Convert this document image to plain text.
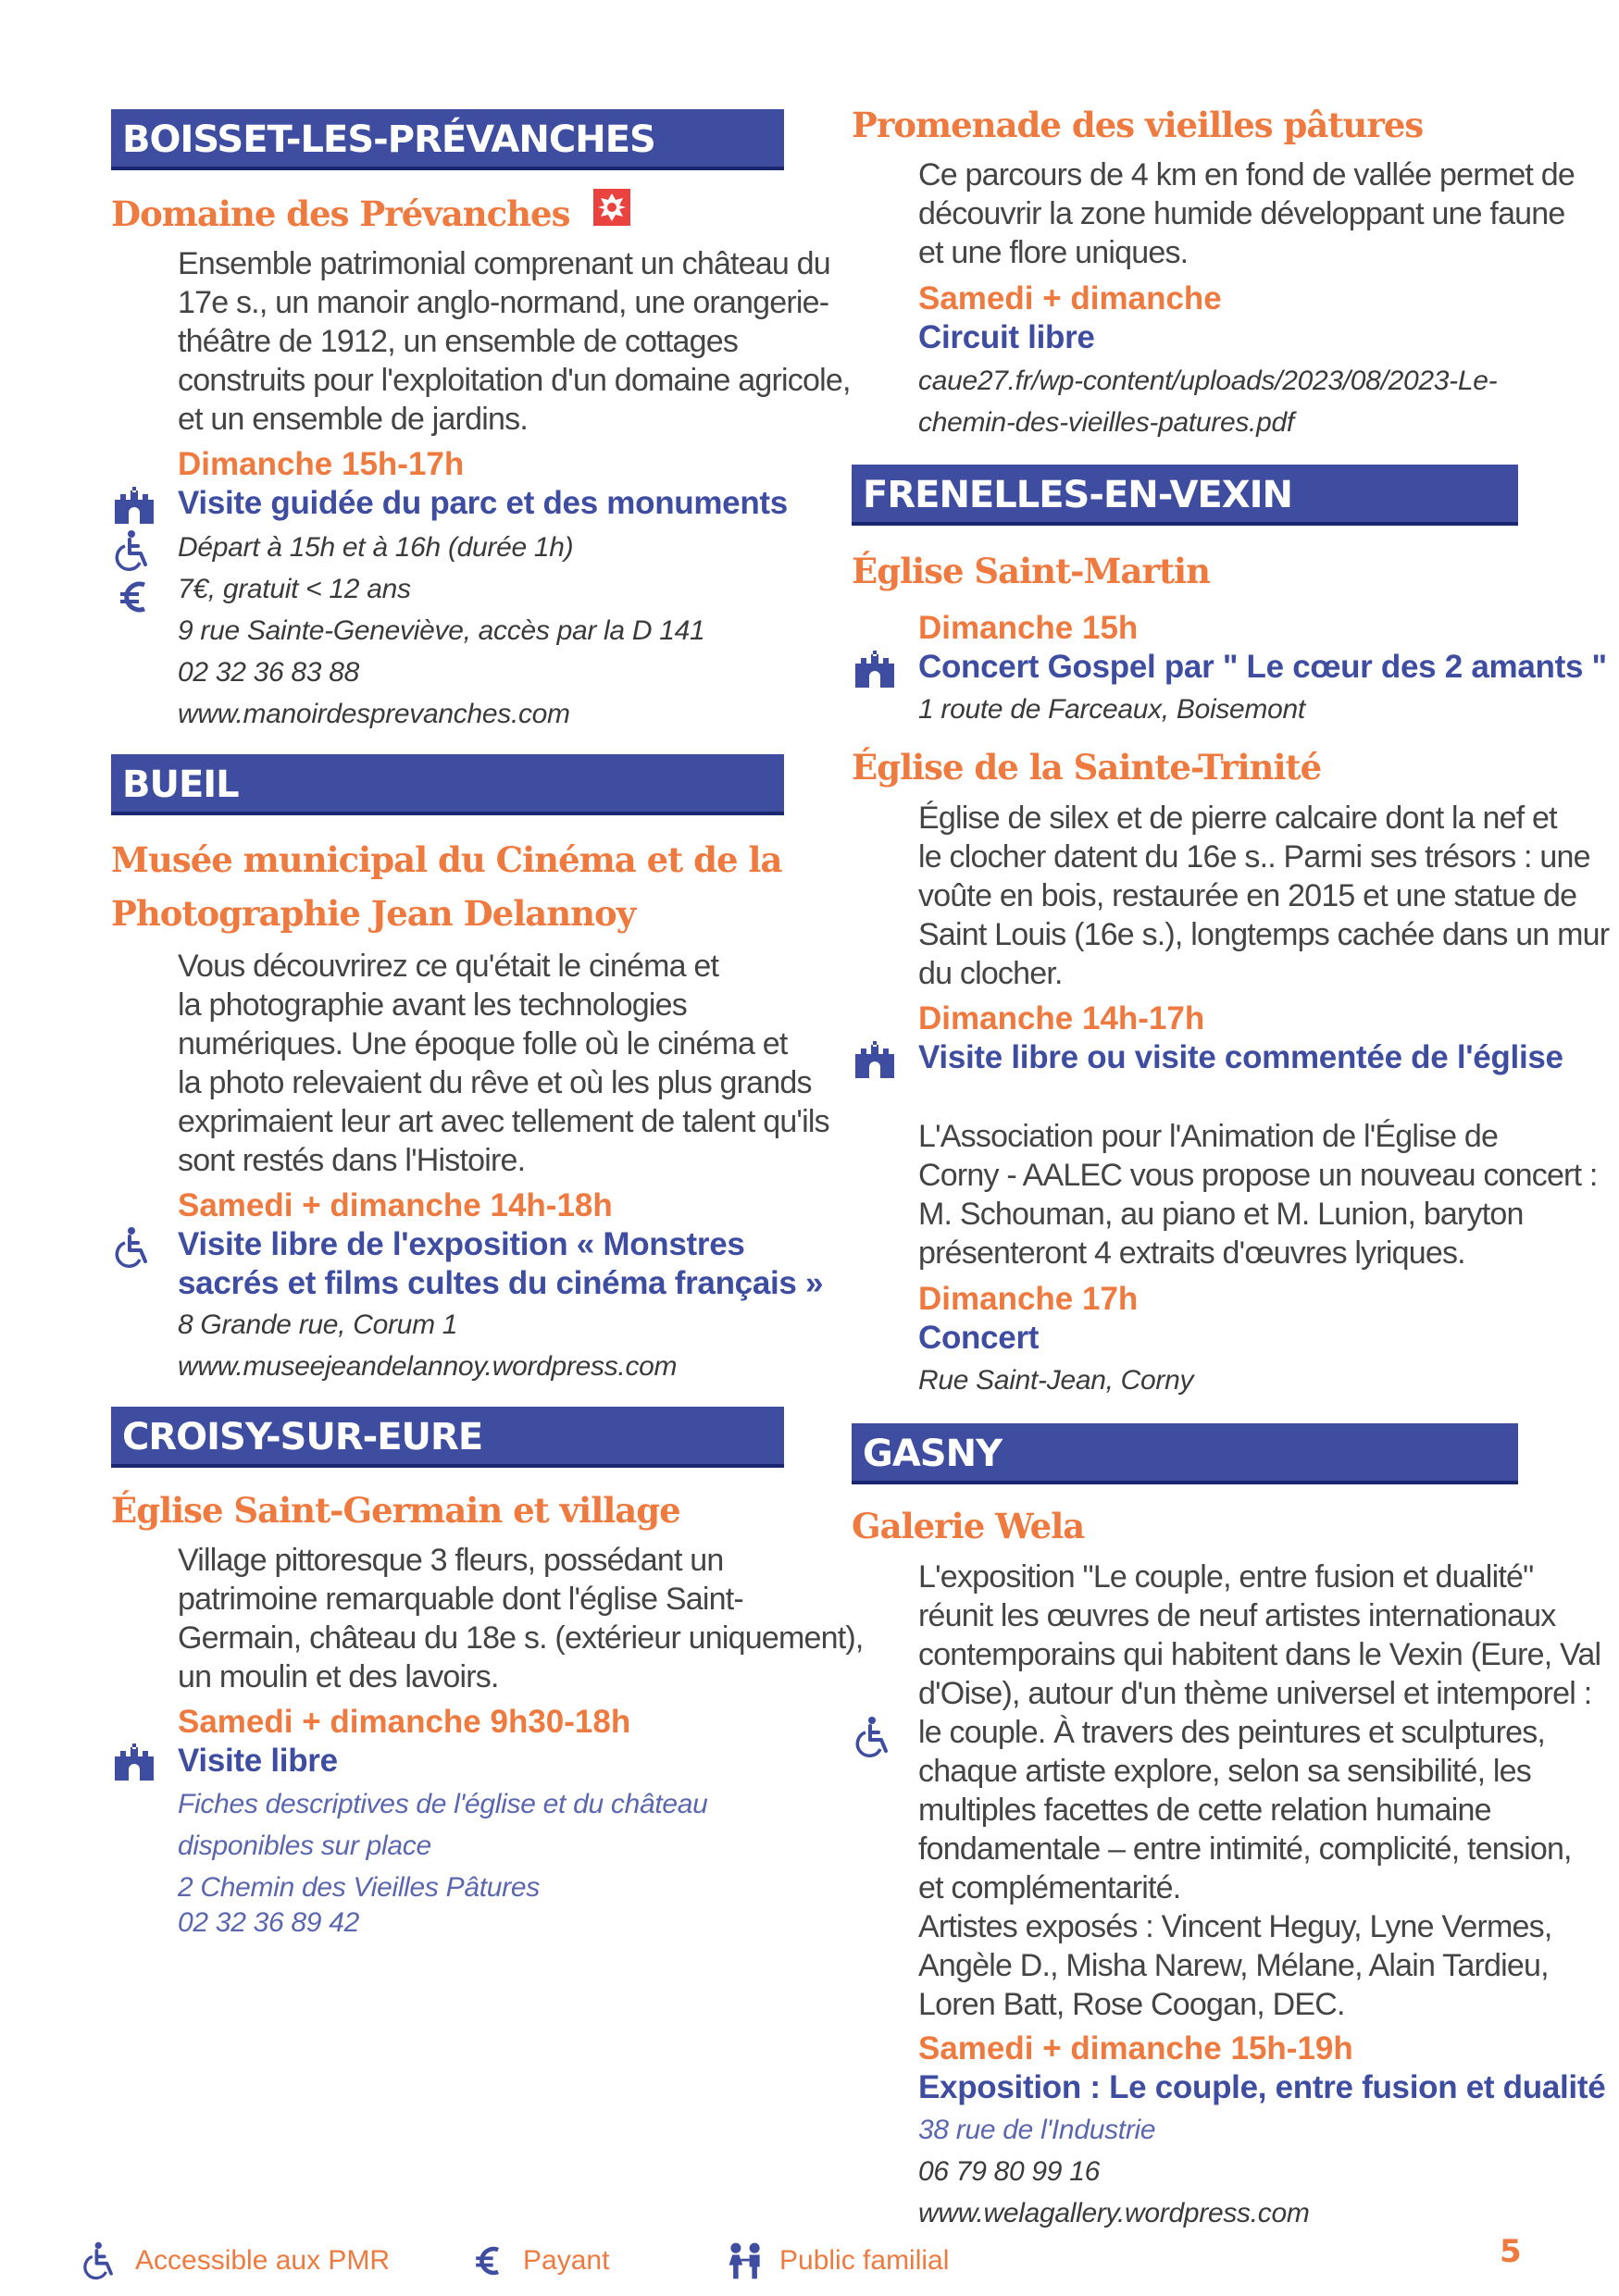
BOISSET-LES-PRÉVANCHES
Domaine des Prévanches
Ensemble patrimonial comprenant un château du
17e s., un manoir anglo-normand, une orangerie-
théâtre de 1912, un ensemble de cottages
construits pour l'exploitation d'un domaine agricole,
et un ensemble de jardins.
Dimanche 15h-17h
Visite guidée du parc et des monuments
Départ à 15h et à 16h (durée 1h)
7€, gratuit < 12 ans
9 rue Sainte-Geneviève, accès par la D 141
02 32 36 83 88
www.manoirdesprevanches.com
BUEIL
Musée municipal du Cinéma et de la
Photographie Jean Delannoy
Vous découvrirez ce qu'était le cinéma et
la photographie avant les technologies
numériques. Une époque folle où le cinéma et
la photo relevaient du rêve et où les plus grands
exprimaient leur art avec tellement de talent qu'ils
sont restés dans l'Histoire.
Samedi + dimanche 14h-18h
Visite libre de l'exposition « Monstres
sacrés et films cultes du cinéma français »
8 Grande rue, Corum 1
www.museejeandelannoy.wordpress.com
CROISY-SUR-EURE
Église Saint-Germain et village
Village pittoresque 3 fleurs, possédant un
patrimoine remarquable dont l'église Saint-
Germain, château du 18e s. (extérieur uniquement),
un moulin et des lavoirs.
Samedi + dimanche 9h30-18h
Visite libre
Fiches descriptives de l'église et du château
disponibles sur place
2 Chemin des Vieilles Pâtures
02 32 36 89 42
Promenade des vieilles pâtures
Ce parcours de 4 km en fond de vallée permet de
découvrir la zone humide développant une faune
et une flore uniques.
Samedi + dimanche
Circuit libre
caue27.fr/wp-content/uploads/2023/08/2023-Le-
chemin-des-vieilles-patures.pdf
FRENELLES-EN-VEXIN
Église Saint-Martin
Dimanche 15h
Concert Gospel par " Le cœur des 2 amants "
1 route de Farceaux, Boisemont
Église de la Sainte-Trinité
Église de silex et de pierre calcaire dont la nef et
le clocher datent du 16e s.. Parmi ses trésors : une
voûte en bois, restaurée en 2015 et une statue de
Saint Louis (16e s.), longtemps cachée dans un mur
du clocher.
Dimanche 14h-17h
Visite libre ou visite commentée de l'église
L'Association pour l'Animation de l'Église de
Corny - AALEC vous propose un nouveau concert :
M. Schouman, au piano et M. Lunion, baryton
présenteront 4 extraits d'œuvres lyriques.
Dimanche 17h
Concert
Rue Saint-Jean, Corny
GASNY
Galerie Wela
L'exposition "Le couple, entre fusion et dualité"
réunit les œuvres de neuf artistes internationaux
contemporains qui habitent dans le Vexin (Eure, Val
d'Oise), autour d'un thème universel et intemporel :
le couple. À travers des peintures et sculptures,
chaque artiste explore, selon sa sensibilité, les
multiples facettes de cette relation humaine
fondamentale – entre intimité, complicité, tension,
et complémentarité.
Artistes exposés : Vincent Heguy, Lyne Vermes,
Angèle D., Misha Narew, Mélane, Alain Tardieu,
Loren Batt, Rose Coogan, DEC.
Samedi + dimanche 15h-19h
Exposition : Le couple, entre fusion et dualité
38 rue de l'Industrie
06 79 80 99 16
www.welagallery.wordpress.com
Accessible aux PMR	Payant	Public familial	5
